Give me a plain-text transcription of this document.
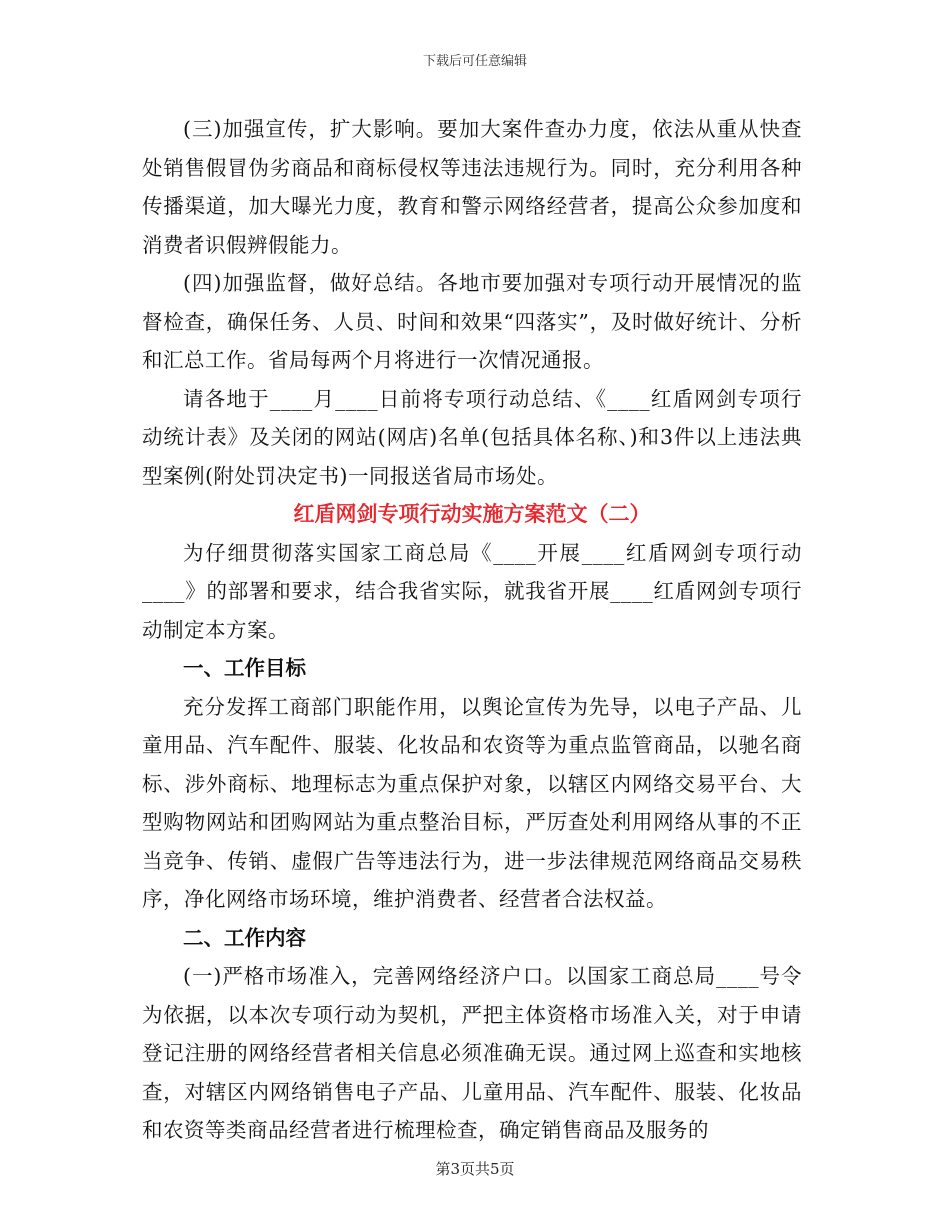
下载后可任意编辑

(三)加强宣传，扩大影响。要加大案件查办力度，依法从重从快查处销售假冒伪劣商品和商标侵权等违法违规行为。同时，充分利用各种传播渠道，加大曝光力度，教育和警示网络经营者，提高公众参加度和消费者识假辨假能力。

(四)加强监督，做好总结。各地市要加强对专项行动开展情况的监督检查，确保任务、人员、时间和效果“四落实”，及时做好统计、分析和汇总工作。省局每两个月将进行一次情况通报。

请各地于____月____日前将专项行动总结、《____红盾网剑专项行动统计表》及关闭的网站(网店)名单(包括具体名称、)和3件以上违法典型案例(附处罚决定书)一同报送省局市场处。

红盾网剑专项行动实施方案范文（二）

为仔细贯彻落实国家工商总局《____开展____红盾网剑专项行动____》的部署和要求，结合我省实际，就我省开展____红盾网剑专项行动制定本方案。

一、工作目标

充分发挥工商部门职能作用，以舆论宣传为先导，以电子产品、儿童用品、汽车配件、服装、化妆品和农资等为重点监管商品，以驰名商标、涉外商标、地理标志为重点保护对象，以辖区内网络交易平台、大型购物网站和团购网站为重点整治目标，严厉查处利用网络从事的不正当竞争、传销、虚假广告等违法行为，进一步法律规范网络商品交易秩序，净化网络市场环境，维护消费者、经营者合法权益。

二、工作内容

(一)严格市场准入，完善网络经济户口。以国家工商总局____号令为依据，以本次专项行动为契机，严把主体资格市场准入关，对于申请登记注册的网络经营者相关信息必须准确无误。通过网上巡查和实地核查，对辖区内网络销售电子产品、儿童用品、汽车配件、服装、化妆品和农资等类商品经营者进行梳理检查，确定销售商品及服务的

第3页共5页
